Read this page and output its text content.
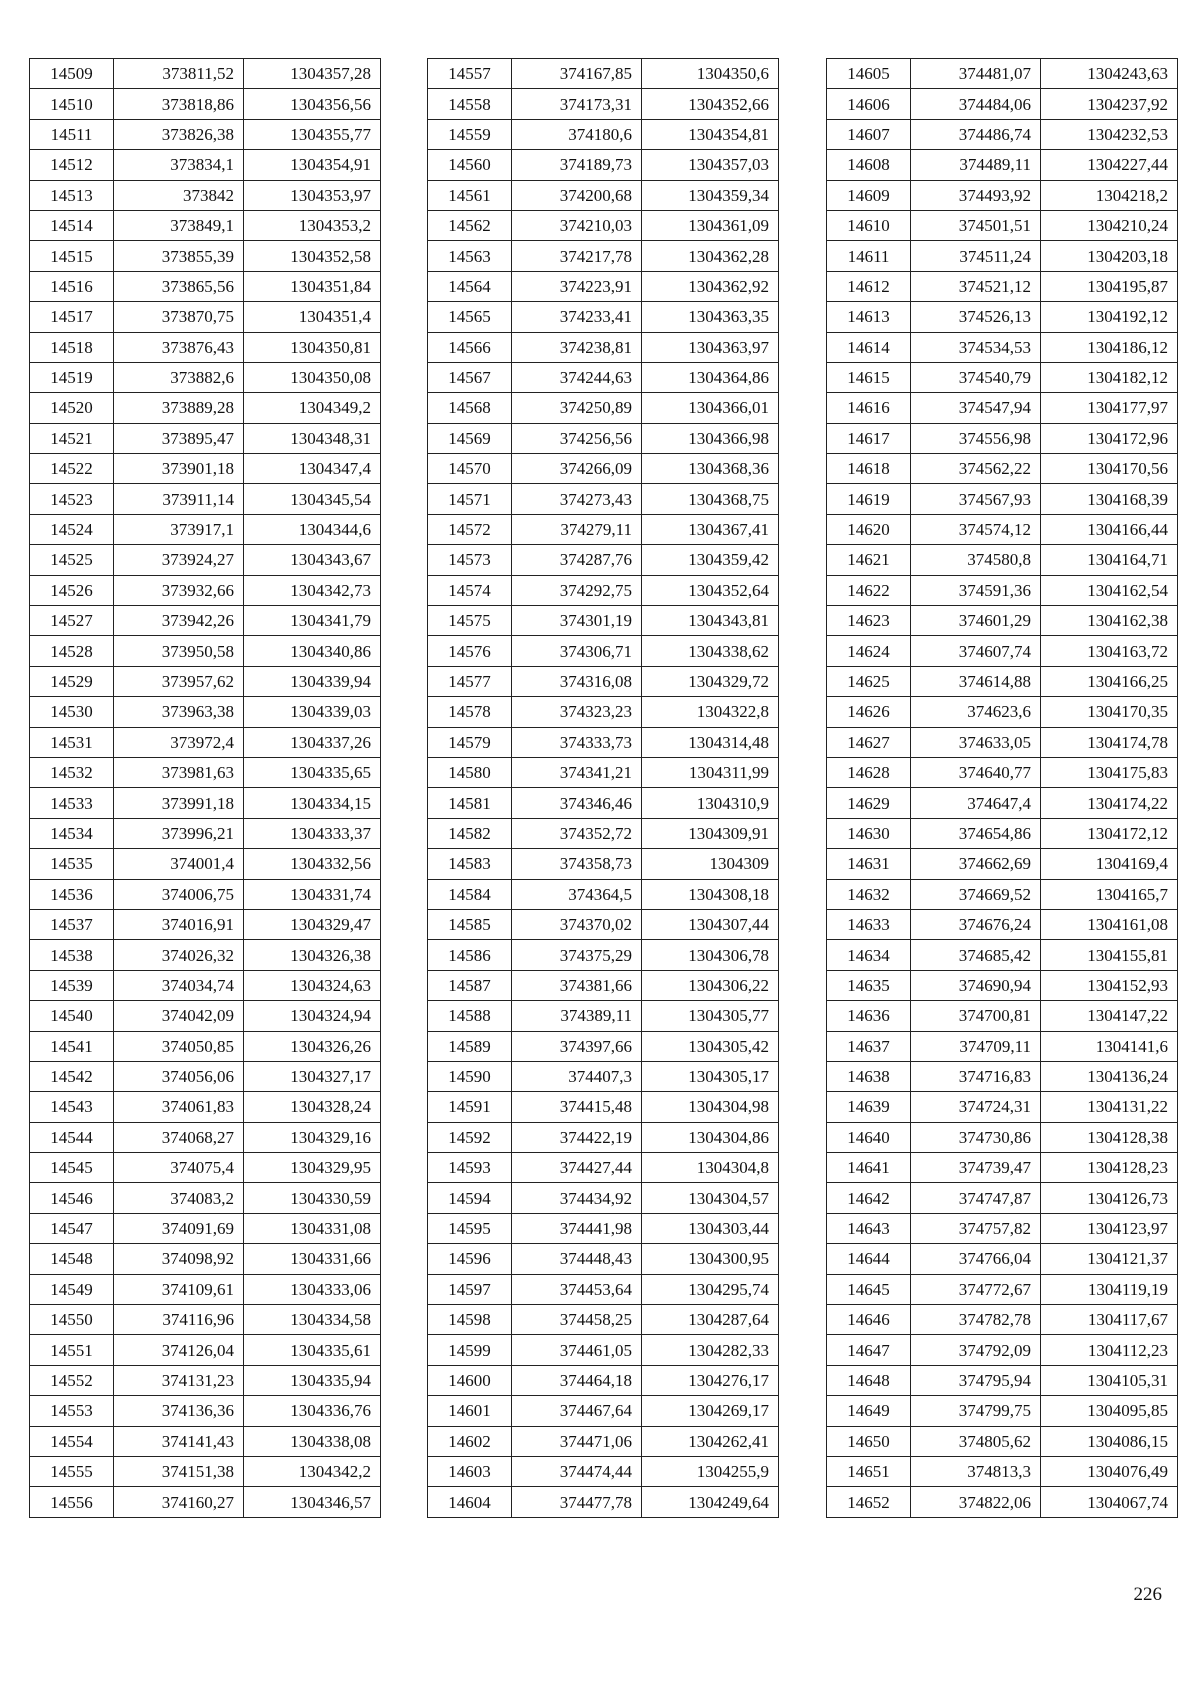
14509	373811,52	1304357,28
14510	373818,86	1304356,56
14511	373826,38	1304355,77
14512	373834,1	1304354,91
14513	373842	1304353,97
14514	373849,1	1304353,2
14515	373855,39	1304352,58
14516	373865,56	1304351,84
14517	373870,75	1304351,4
14518	373876,43	1304350,81
14519	373882,6	1304350,08
14520	373889,28	1304349,2
14521	373895,47	1304348,31
14522	373901,18	1304347,4
14523	373911,14	1304345,54
14524	373917,1	1304344,6
14525	373924,27	1304343,67
14526	373932,66	1304342,73
14527	373942,26	1304341,79
14528	373950,58	1304340,86
14529	373957,62	1304339,94
14530	373963,38	1304339,03
14531	373972,4	1304337,26
14532	373981,63	1304335,65
14533	373991,18	1304334,15
14534	373996,21	1304333,37
14535	374001,4	1304332,56
14536	374006,75	1304331,74
14537	374016,91	1304329,47
14538	374026,32	1304326,38
14539	374034,74	1304324,63
14540	374042,09	1304324,94
14541	374050,85	1304326,26
14542	374056,06	1304327,17
14543	374061,83	1304328,24
14544	374068,27	1304329,16
14545	374075,4	1304329,95
14546	374083,2	1304330,59
14547	374091,69	1304331,08
14548	374098,92	1304331,66
14549	374109,61	1304333,06
14550	374116,96	1304334,58
14551	374126,04	1304335,61
14552	374131,23	1304335,94
14553	374136,36	1304336,76
14554	374141,43	1304338,08
14555	374151,38	1304342,2
14556	374160,27	1304346,57
14557	374167,85	1304350,6
14558	374173,31	1304352,66
14559	374180,6	1304354,81
14560	374189,73	1304357,03
14561	374200,68	1304359,34
14562	374210,03	1304361,09
14563	374217,78	1304362,28
14564	374223,91	1304362,92
14565	374233,41	1304363,35
14566	374238,81	1304363,97
14567	374244,63	1304364,86
14568	374250,89	1304366,01
14569	374256,56	1304366,98
14570	374266,09	1304368,36
14571	374273,43	1304368,75
14572	374279,11	1304367,41
14573	374287,76	1304359,42
14574	374292,75	1304352,64
14575	374301,19	1304343,81
14576	374306,71	1304338,62
14577	374316,08	1304329,72
14578	374323,23	1304322,8
14579	374333,73	1304314,48
14580	374341,21	1304311,99
14581	374346,46	1304310,9
14582	374352,72	1304309,91
14583	374358,73	1304309
14584	374364,5	1304308,18
14585	374370,02	1304307,44
14586	374375,29	1304306,78
14587	374381,66	1304306,22
14588	374389,11	1304305,77
14589	374397,66	1304305,42
14590	374407,3	1304305,17
14591	374415,48	1304304,98
14592	374422,19	1304304,86
14593	374427,44	1304304,8
14594	374434,92	1304304,57
14595	374441,98	1304303,44
14596	374448,43	1304300,95
14597	374453,64	1304295,74
14598	374458,25	1304287,64
14599	374461,05	1304282,33
14600	374464,18	1304276,17
14601	374467,64	1304269,17
14602	374471,06	1304262,41
14603	374474,44	1304255,9
14604	374477,78	1304249,64
14605	374481,07	1304243,63
14606	374484,06	1304237,92
14607	374486,74	1304232,53
14608	374489,11	1304227,44
14609	374493,92	1304218,2
14610	374501,51	1304210,24
14611	374511,24	1304203,18
14612	374521,12	1304195,87
14613	374526,13	1304192,12
14614	374534,53	1304186,12
14615	374540,79	1304182,12
14616	374547,94	1304177,97
14617	374556,98	1304172,96
14618	374562,22	1304170,56
14619	374567,93	1304168,39
14620	374574,12	1304166,44
14621	374580,8	1304164,71
14622	374591,36	1304162,54
14623	374601,29	1304162,38
14624	374607,74	1304163,72
14625	374614,88	1304166,25
14626	374623,6	1304170,35
14627	374633,05	1304174,78
14628	374640,77	1304175,83
14629	374647,4	1304174,22
14630	374654,86	1304172,12
14631	374662,69	1304169,4
14632	374669,52	1304165,7
14633	374676,24	1304161,08
14634	374685,42	1304155,81
14635	374690,94	1304152,93
14636	374700,81	1304147,22
14637	374709,11	1304141,6
14638	374716,83	1304136,24
14639	374724,31	1304131,22
14640	374730,86	1304128,38
14641	374739,47	1304128,23
14642	374747,87	1304126,73
14643	374757,82	1304123,97
14644	374766,04	1304121,37
14645	374772,67	1304119,19
14646	374782,78	1304117,67
14647	374792,09	1304112,23
14648	374795,94	1304105,31
14649	374799,75	1304095,85
14650	374805,62	1304086,15
14651	374813,3	1304076,49
14652	374822,06	1304067,74
226
